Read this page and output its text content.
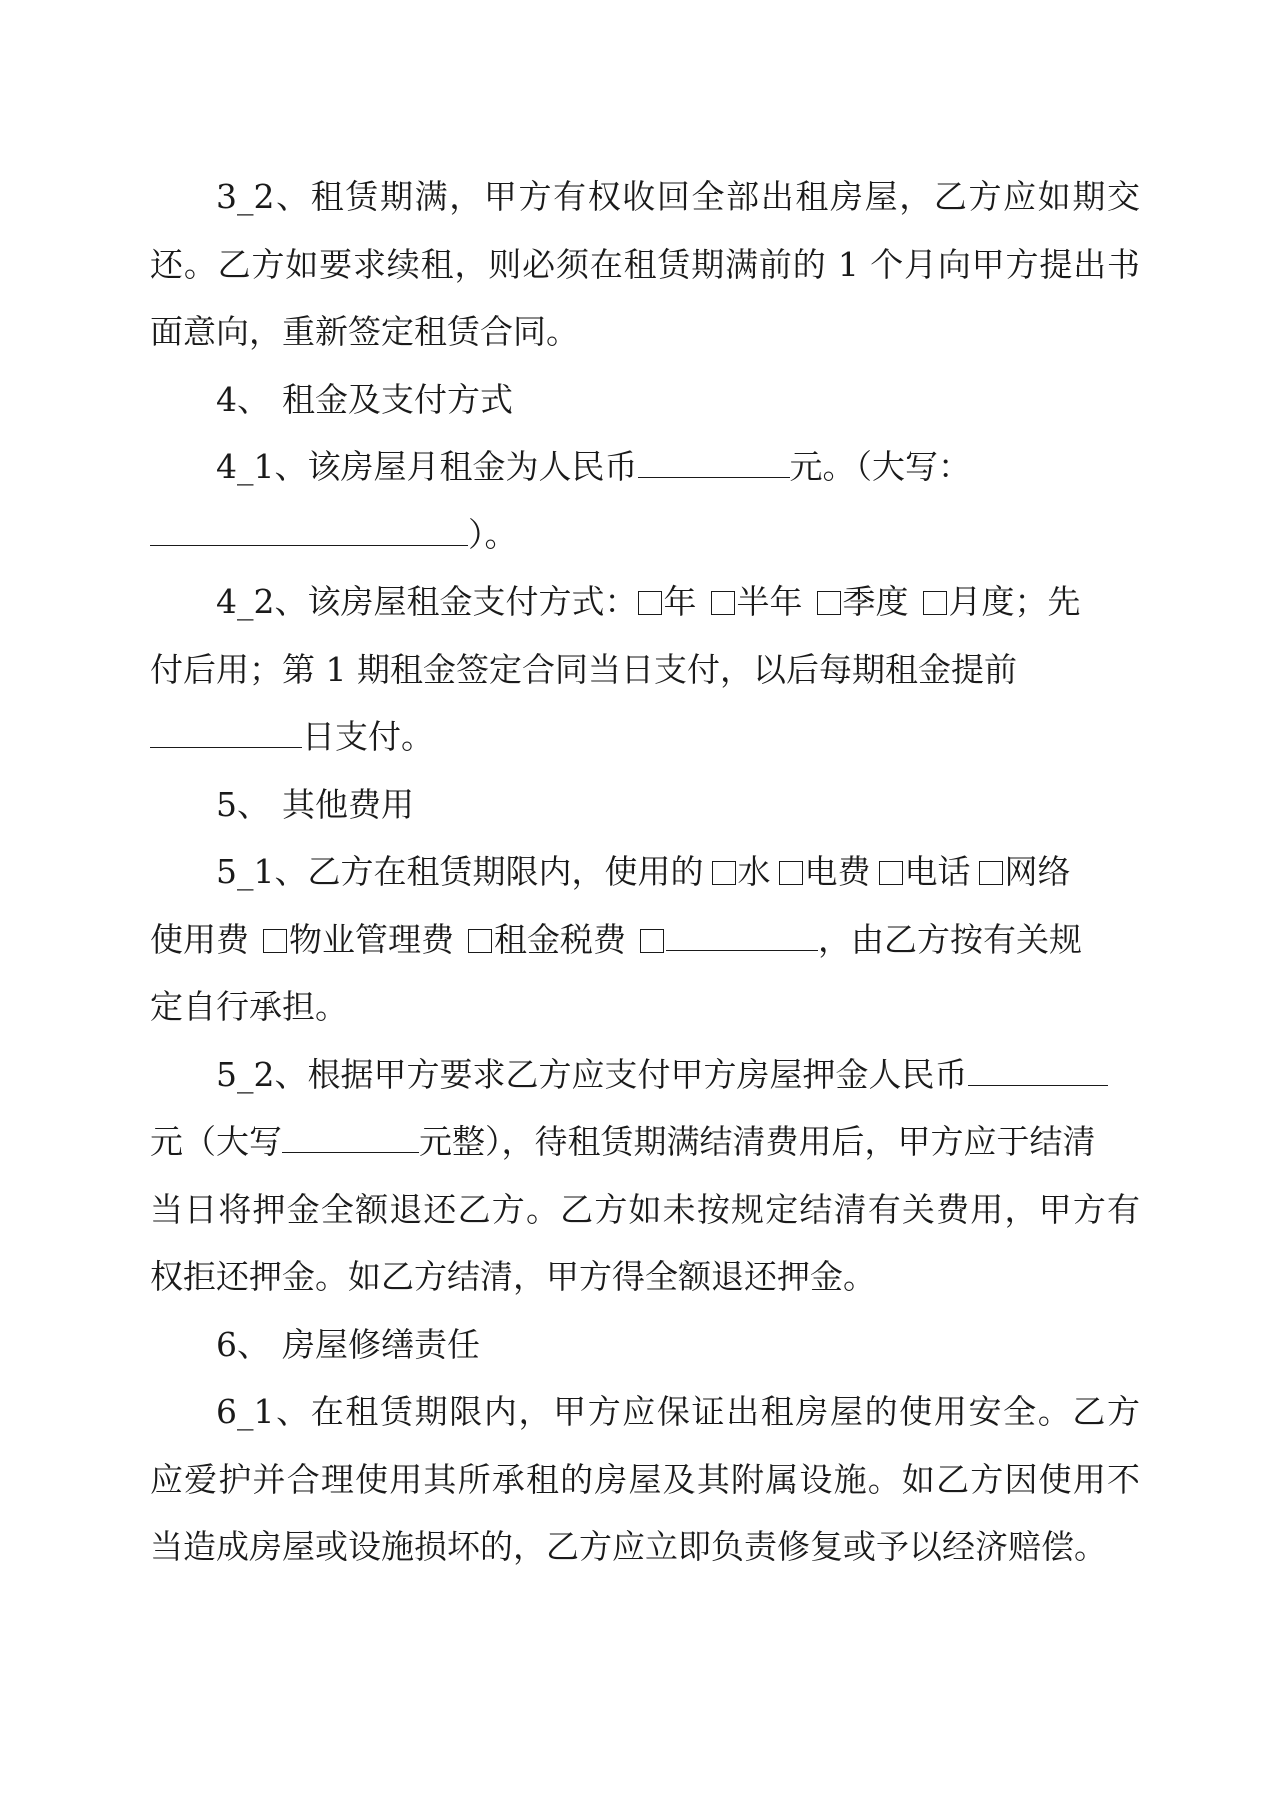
3_2、租赁期满，甲方有权收回全部出租房屋，乙方应如期交
还。乙方如要求续租，则必须在租赁期满前的 1 个月向甲方提出书
面意向，重新签定租赁合同。
4、 租金及支付方式
4_1、该房屋月租金为人民币	元。（大写：
）。
4_2、该房屋租金支付方式： 年 半年 季度 月度；先
付后用；第 1 期租金签定合同当日支付，以后每期租金提前
日支付。
5、 其他费用
5_1、乙方在租赁期限内，使用的 水 电费 电话 网络
使用费 物业管理费 租金税费	，由乙方按有关规
定自行承担。
5_2、根据甲方要求乙方应支付甲方房屋押金人民币
元（大写	元整），待租赁期满结清费用后，甲方应于结清
当日将押金全额退还乙方。乙方如未按规定结清有关费用，甲方有
权拒还押金。如乙方结清，甲方得全额退还押金。
6、 房屋修缮责任
6_1、在租赁期限内，甲方应保证出租房屋的使用安全。乙方
应爱护并合理使用其所承租的房屋及其附属设施。如乙方因使用不
当造成房屋或设施损坏的，乙方应立即负责修复或予以经济赔偿。
